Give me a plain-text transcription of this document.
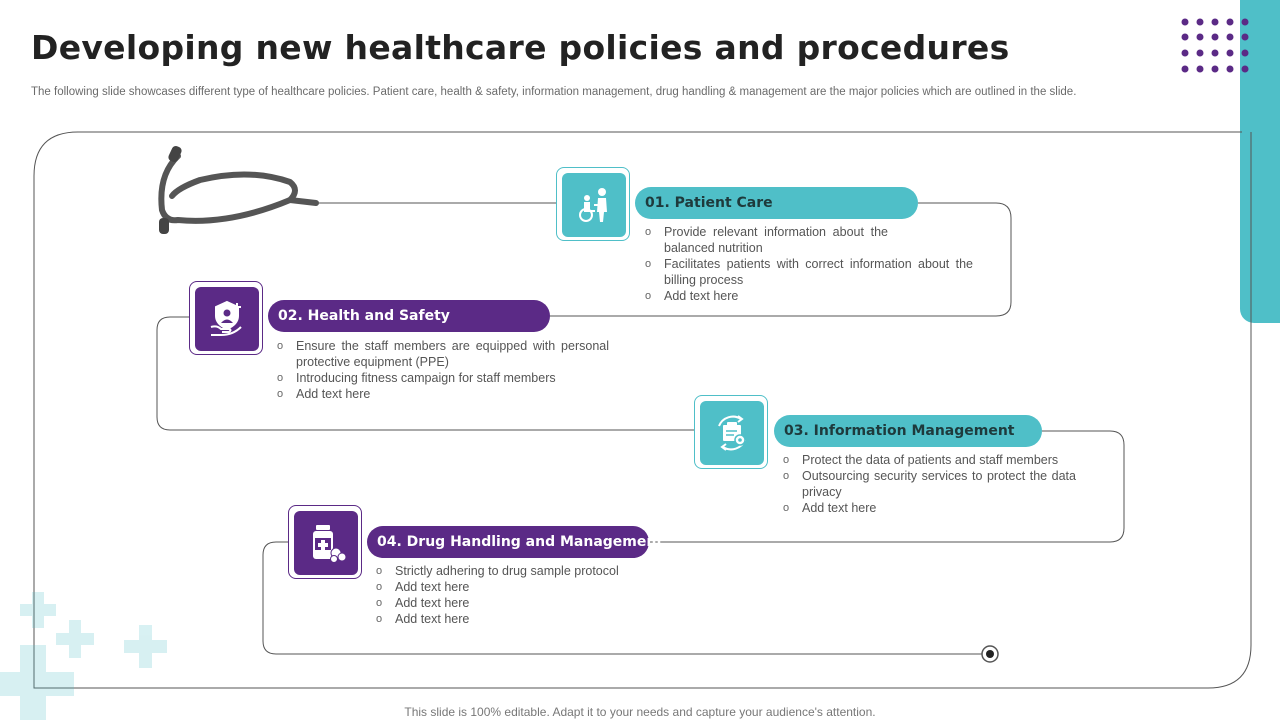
Developing new healthcare policies and procedures
The following slide showcases different type of healthcare policies. Patient care, health & safety, information management, drug handling & management are the major policies which are outlined in the slide.
01. Patient Care
o Provide relevant information about the balanced nutrition
o Facilitates patients with correct information about the billing process
o Add text here
02. Health and Safety
o Ensure the staff members are equipped with personal protective equipment (PPE)
o Introducing fitness campaign for staff members
o Add text here
03. Information Management
o Protect the data of patients and staff members
o Outsourcing security services to protect the data privacy
o Add text here
04. Drug Handling and Management
o Strictly adhering to drug sample protocol
o Add text here
o Add text here
o Add text here
This slide is 100% editable. Adapt it to your needs and capture your audience's attention.
